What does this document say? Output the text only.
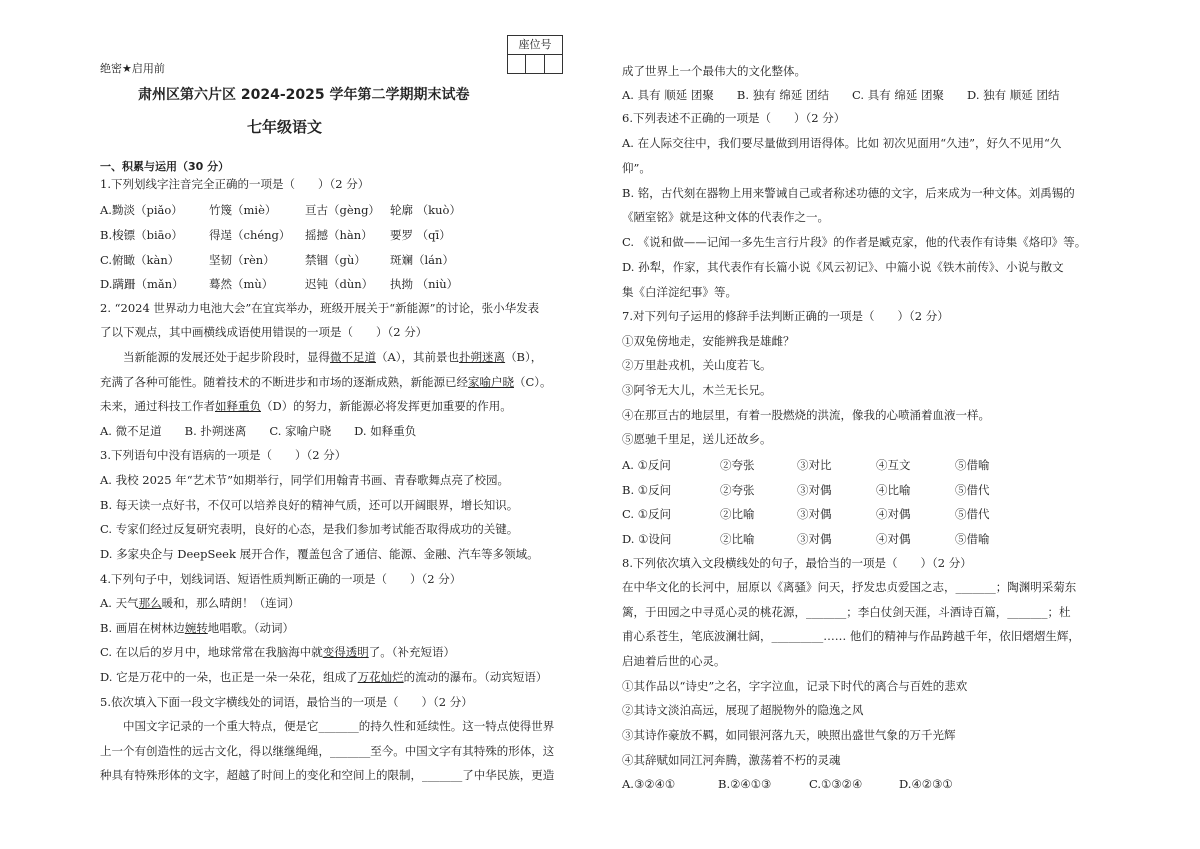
座位号
绝密★启用前
肃州区第六片区 2024-2025 学年第二学期期末试卷
七年级语文
一、积累与运用（30 分）
1.下列划线字注音完全正确的一项是（　　）（2 分）
A.黝淡（piǎo） 竹篾（miè） 亘古（gèng） 轮廓 （kuò）
B.梭镖（biāo） 得逞（chéng） 摇撼（hàn） 要罗 （qī）
C.俯瞰（kàn）	坚韧（rèn）	禁锢（gù） 斑斓（lán）
D.蹒跚（mǎn） 蓦然（mù）	迟钝（dùn） 执拗 （niù）
2. “2024 世界动力电池大会”在宜宾举办，班级开展关于“新能源”的讨论，张小华发表
了以下观点，其中画横线成语使用错误的一项是（　　）（2 分）
当新能源的发展还处于起步阶段时，显得微不足道（A），其前景也扑朔迷离（B），
充满了各种可能性。随着技术的不断进步和市场的逐渐成熟，新能源已经家喻户晓（C）。
未来，通过科技工作者如释重负（D）的努力，新能源必将发挥更加重要的作用。
A. 微不足道　　B. 扑朔迷离　　C. 家喻户晓　　D. 如释重负
3.下列语句中没有语病的一项是（　　）（2 分）
A. 我校 2025 年“艺术节”如期举行，同学们用翰青书画、青春歌舞点亮了校园。
B. 每天读一点好书，不仅可以培养良好的精神气质，还可以开阔眼界，增长知识。
C. 专家们经过反复研究表明，良好的心态，是我们参加考试能否取得成功的关键。
D. 多家央企与 DeepSeek 展开合作，覆盖包含了通信、能源、金融、汽车等多领域。
4.下列句子中，划线词语、短语性质判断正确的一项是（　　）（2 分）
A. 天气那么暖和，那么晴朗！（连词）
B. 画眉在树林边婉转地唱歌。（动词）
C. 在以后的岁月中，地球常常在我脑海中就变得透明了。（补充短语）
D. 它是万花中的一朵，也正是一朵一朵花，组成了万花灿烂的流动的瀑布。（动宾短语）
5.依次填入下面一段文字横线处的词语，最恰当的一项是（　　）（2 分）
中国文字记录的一个重大特点，便是它_______的持久性和延续性。这一特点使得世界
上一个有创造性的远古文化，得以继继绳绳，_______至今。中国文字有其特殊的形体，这
种具有特殊形体的文字，超越了时间上的变化和空间上的限制，_______了中华民族，更造
成了世界上一个最伟大的文化整体。
A. 具有 顺延 团聚　　B. 独有 绵延 团结　　C. 具有 绵延 团聚　　D. 独有 顺延 团结
6.下列表述不正确的一项是（　　）（2 分）
A. 在人际交往中，我们要尽量做到用语得体。比如 初次见面用“久违”，好久不见用“久
仰”。
B. 铭，古代刻在器物上用来警诫自己或者称述功德的文字，后来成为一种文体。刘禹锡的
《陋室铭》就是这种文体的代表作之一。
C. 《说和做——记闻一多先生言行片段》的作者是臧克家，他的代表作有诗集《烙印》等。
D. 孙犁，作家，其代表作有长篇小说《风云初记》、中篇小说《铁木前传》、小说与散文
集《白洋淀纪事》等。
7.对下列句子运用的修辞手法判断正确的一项是（　　）（2 分）
①双兔傍地走，安能辨我是雄雌？
②万里赴戎机，关山度若飞。
③阿爷无大儿，木兰无长兄。
④在那亘古的地层里，有着一股燃烧的洪流，像我的心喷涌着血液一样。
⑤愿驰千里足，送儿还故乡。
A. ①反问	②夸张	③对比	④互文	⑤借喻
B. ①反问	②夸张	③对偶	④比喻	⑤借代
C. ①反问	②比喻	③对偶	④对偶	⑤借代
D. ①设问	②比喻	③对偶	④对偶	⑤借喻
8.下列依次填入文段横线处的句子，最恰当的一项是（　　）（2 分）
在中华文化的长河中，屈原以《离骚》问天，抒发忠贞爱国之志，_______；陶渊明采菊东
篱，于田园之中寻觅心灵的桃花源，_______；李白仗剑天涯，斗酒诗百篇，_______；杜
甫心系苍生，笔底波澜壮阔，_________…… 他们的精神与作品跨越千年，依旧熠熠生辉，
启迪着后世的心灵。
①其作品以“诗史”之名，字字泣血，记录下时代的离合与百姓的悲欢
②其诗文淡泊高远，展现了超脱物外的隐逸之风
③其诗作豪放不羁，如同银河落九天，映照出盛世气象的万千光辉
④其辞赋如同江河奔腾，激荡着不朽的灵魂
A.③②④①	B.②④①③	C.①③②④	D.④②③①
